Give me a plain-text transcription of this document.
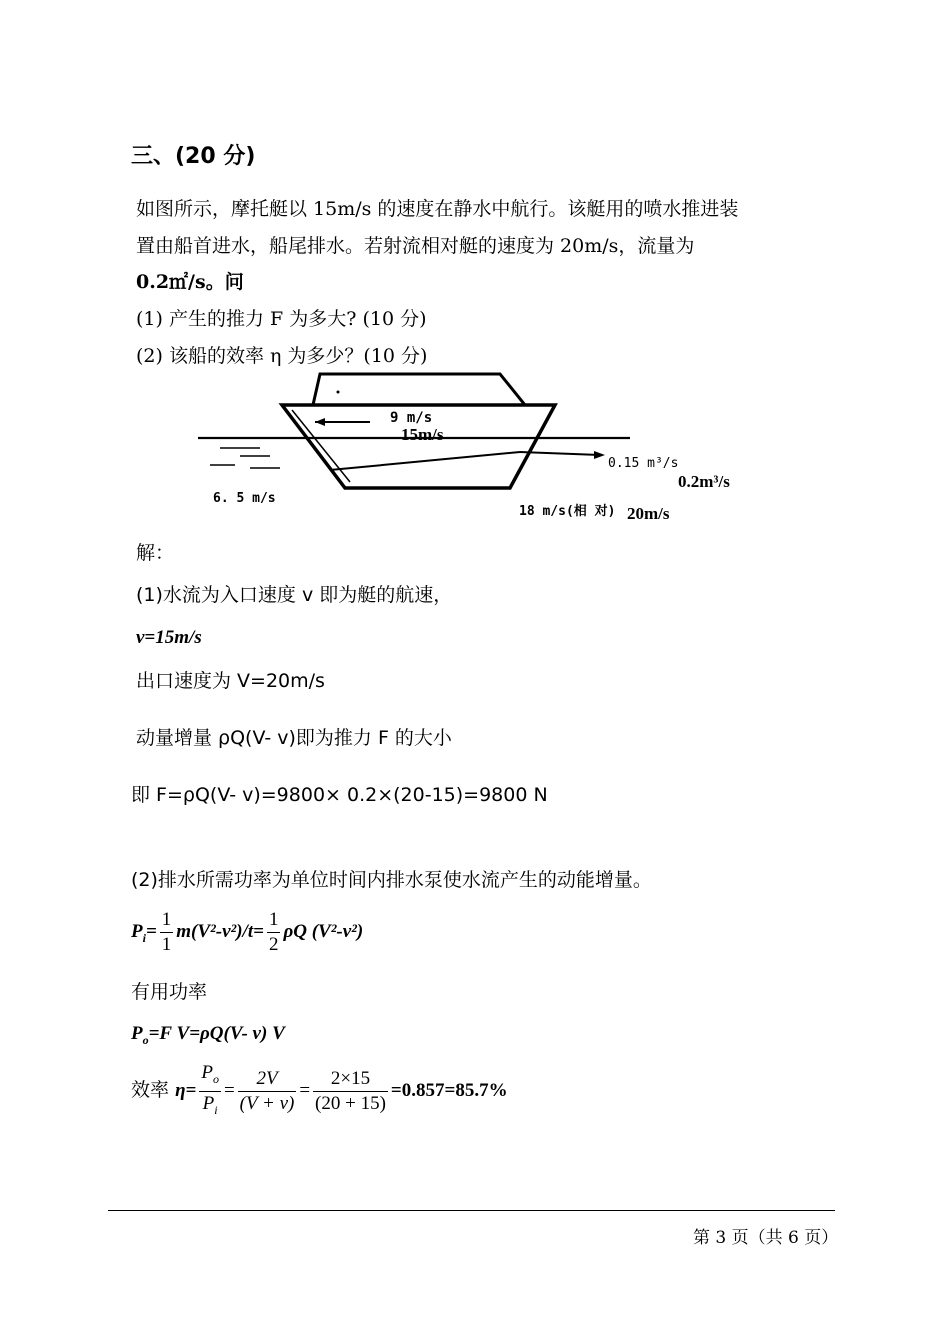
三、(20 分)
如图所示，摩托艇以 15m/s 的速度在静水中航行。该艇用的喷水推进装
置由船首进水，船尾排水。若射流相对艇的速度为 20m/s，流量为
0.2㎡/s。问
(1) 产生的推力 F 为多大? (10 分)
(2) 该船的效率 η 为多少？(10 分)
9 m/s
15m/s
0.15 m³/s
0.2m³/s
6. 5 m/s
18 m/s(相 对) 20m/s
解：
(1)水流为入口速度 v 即为艇的航速，
v=15m/s
出口速度为 V=20m/s
动量增量 ρQ(V- v)即为推力 F 的大小
即 F=ρQ(V- v)=9800× 0.2×(20-15)=9800 N
(2)排水所需功率为单位时间内排水泵使水流产生的动能增量。
$P_i= \frac{1}{1} m(V^2-v^2)/t= \frac{1}{2}$ ρQ (V²-v²)
有用功率
$P_o=F$ V=ρQ(V- v) V
效率 $\eta= \frac{P_o}{P_i} = \frac{2V}{(V + v)} = \frac{2\times 15}{(20 + 15)} =0.857=85.7\%$
第 3 页（共 6 页）
